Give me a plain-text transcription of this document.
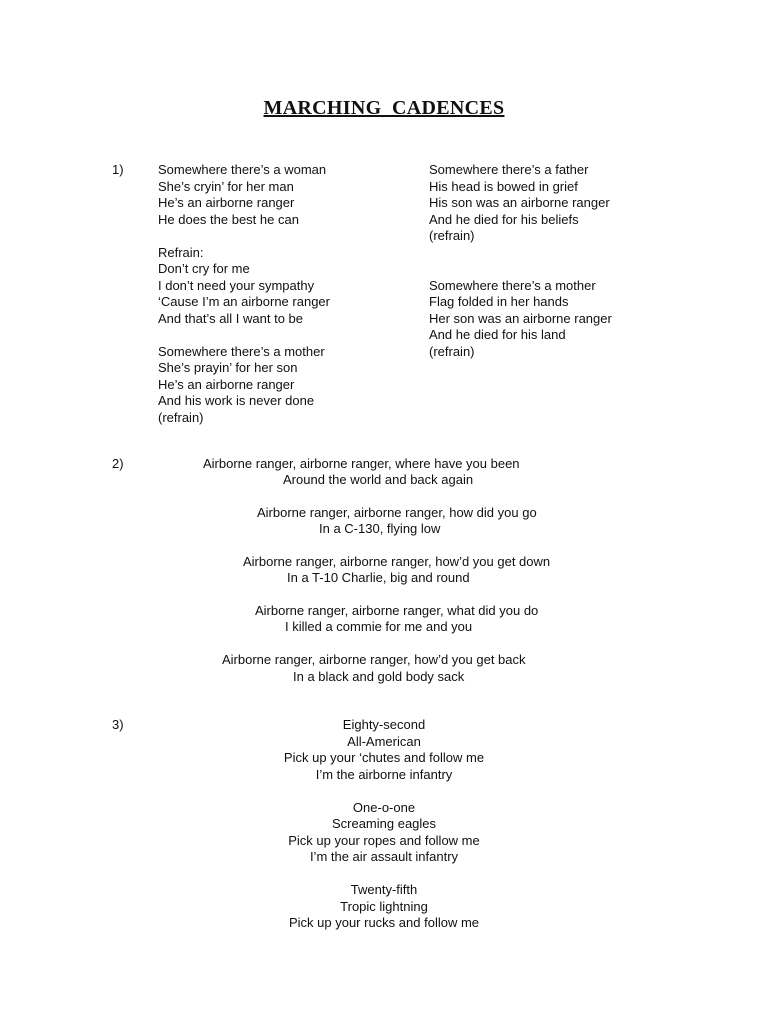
MARCHING  CADENCES
1)	Somewhere there’s a woman
She’s cryin’ for her man
He’s an airborne ranger
He does the best he can
Refrain:
Don’t cry for me
I don’t need your sympathy
‘Cause I’m an airborne ranger
And that’s all I want to be
Somewhere there’s a mother
She’s prayin’ for her son
He’s an airborne ranger
And his work is never done
(refrain)
Somewhere there’s a father
His head is bowed in grief
His son was an airborne ranger
And he died for his beliefs
(refrain)
Somewhere there’s a mother
Flag folded in her hands
Her son was an airborne ranger
And he died for his land
(refrain)
2)	Airborne ranger, airborne ranger, where have you been
Around the world and back again
Airborne ranger, airborne ranger, how did you go
In a C-130, flying low
Airborne ranger, airborne ranger, how’d you get down
In a T-10 Charlie, big and round
Airborne ranger, airborne ranger, what did you do
I killed a commie for me and you
Airborne ranger, airborne ranger, how’d you get back
In a black and gold body sack
3)	Eighty-second
All-American
Pick up your ‘chutes and follow me
I’m the airborne infantry
One-o-one
Screaming eagles
Pick up your ropes and follow me
I’m the air assault infantry
Twenty-fifth
Tropic lightning
Pick up your rucks and follow me
